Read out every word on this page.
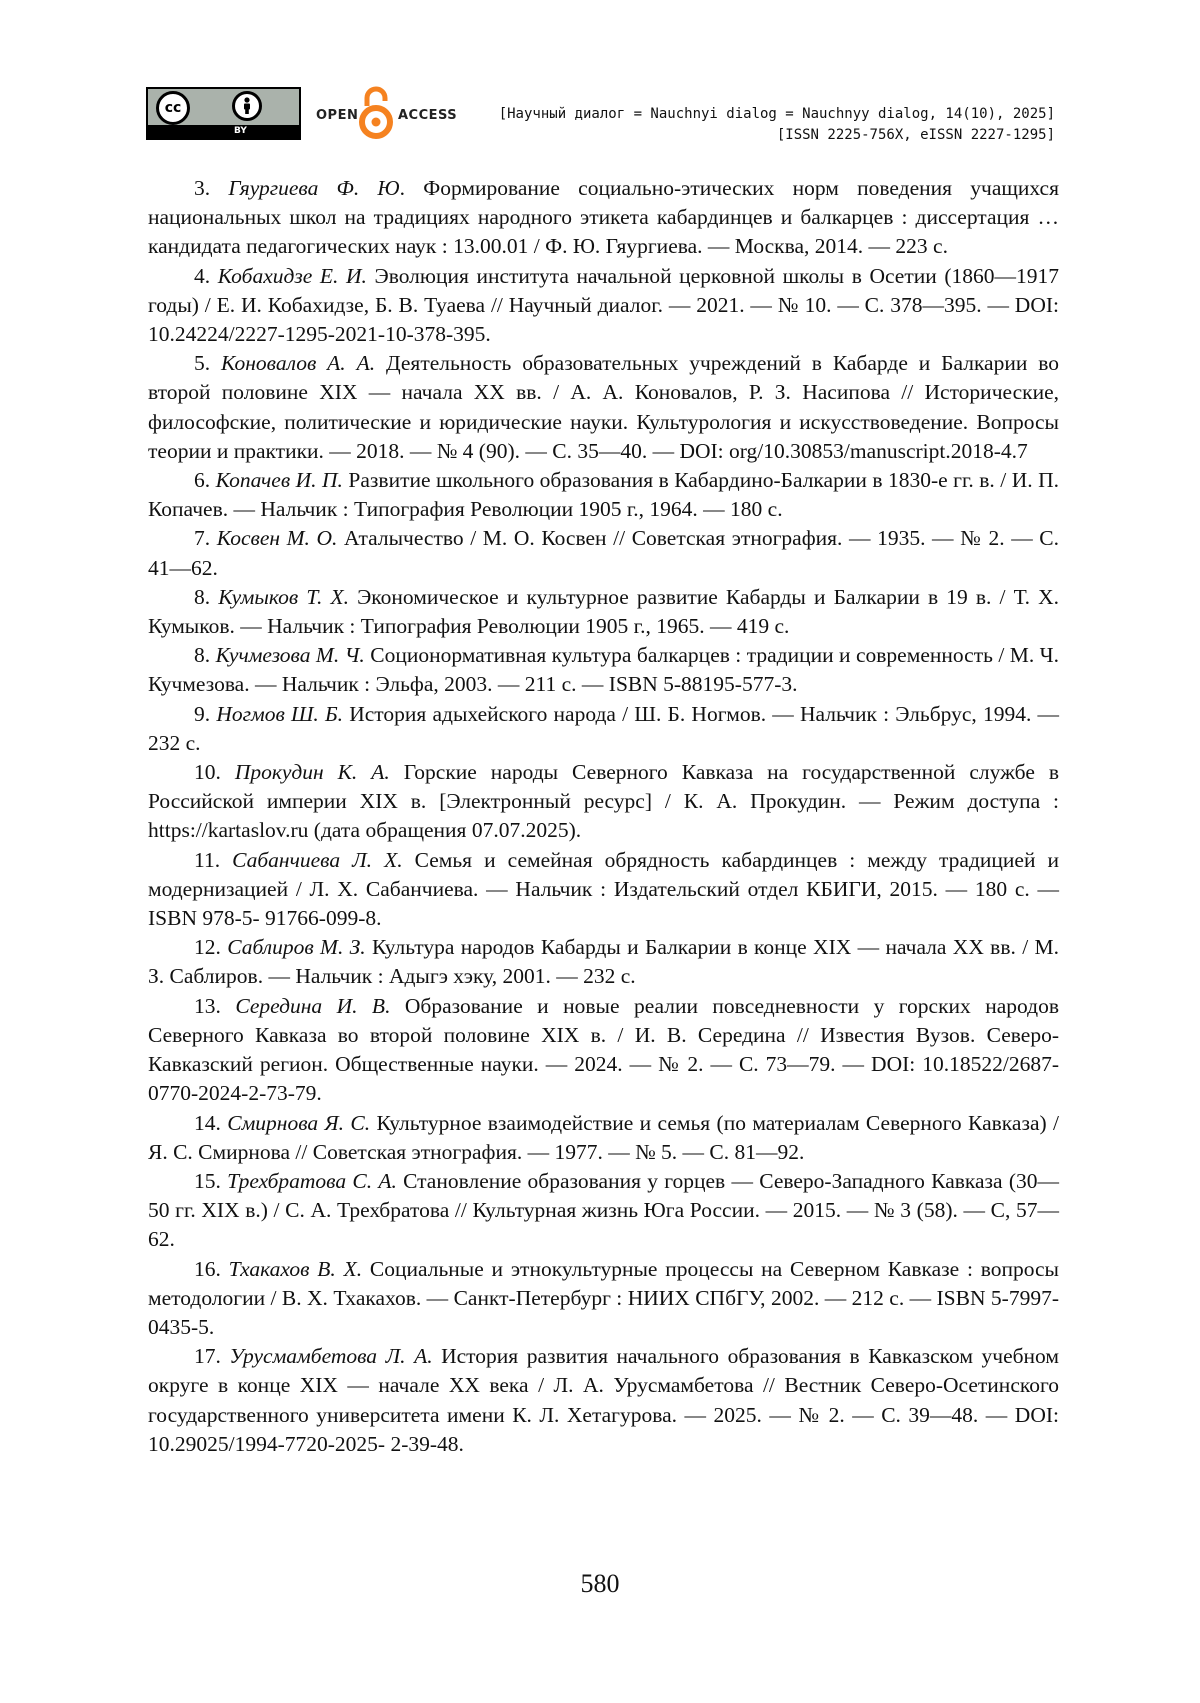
cc
BY
OPEN	ACCESS	[Научный диалог = Nauchnyi dialog = Nauchnyy dialog, 14(10), 2025]
[ISSN 2225-756X, eISSN 2227-1295]

3. Гяургиева Ф. Ю. Формирование социально-этических норм поведения учащихся национальных школ на традициях народного этикета кабардинцев и балкарцев : диссертация … кандидата педагогических наук : 13.00.01 / Ф. Ю. Гяургиева. — Москва, 2014. — 223 с.

4. Кобахидзе Е. И. Эволюция института начальной церковной школы в Осетии (1860—1917 годы) / Е. И. Кобахидзе, Б. В. Туаева // Научный диалог. — 2021. — № 10. — С. 378—395. — DOI: 10.24224/2227-1295-2021-10-378-395.

5. Коновалов А. А. Деятельность образовательных учреждений в Кабарде и Балкарии во второй половине XIX — начала XX вв. / А. А. Коновалов, Р. З. Насипова // Исторические, философские, политические и юридические науки. Культурология и искусствоведение. Вопросы теории и практики. — 2018. — № 4 (90). — С. 35—40. — DOI: org/10.30853/manuscript.2018-4.7

6. Копачев И. П. Развитие школьного образования в Кабардино-Балкарии в 1830-е гг. в. / И. П. Копачев. — Нальчик : Типография Революции 1905 г., 1964. — 180 с.

7. Косвен М. О. Аталычество / М. О. Косвен // Советская этнография. — 1935. — № 2. — С. 41—62.

8. Кумыков Т. Х. Экономическое и культурное развитие Кабарды и Балкарии в 19 в. / Т. Х. Кумыков. — Нальчик : Типография Революции 1905 г., 1965. — 419 с.

8. Кучмезова М. Ч. Соционормативная культура балкарцев : традиции и современность / М. Ч. Кучмезова. — Нальчик : Эльфа, 2003. — 211 с. — ISBN 5-88195-577-3.

9. Ногмов Ш. Б. История адыхейского народа / Ш. Б. Ногмов. — Нальчик : Эльбрус, 1994. — 232 с.

10. Прокудин К. А. Горские народы Северного Кавказа на государственной службе в Российской империи XIX в. [Электронный ресурс] / К. А. Прокудин. — Режим доступа : https://kartaslov.ru (дата обращения 07.07.2025).

11. Сабанчиева Л. Х. Семья и семейная обрядность кабардинцев : между традицией и модернизацией / Л. Х. Сабанчиева. — Нальчик : Издательский отдел КБИГИ, 2015. — 180 с. — ISBN 978-5- 91766-099-8.

12. Саблиров М. З. Культура народов Кабарды и Балкарии в конце XIX — начала XX вв. / М. З. Саблиров. — Нальчик : Адыгэ хэку, 2001. — 232 с.

13. Середина И. В. Образование и новые реалии повседневности у горских народов Северного Кавказа во второй половине XIX в. / И. В. Середина // Известия Вузов. Северо-Кавказский регион. Общественные науки. — 2024. — № 2. — С. 73—79. — DOI: 10.18522/2687-0770-2024-2-73-79.

14. Смирнова Я. С. Культурное взаимодействие и семья (по материалам Северного Кавказа) / Я. С. Смирнова // Советская этнография. — 1977. — № 5. — С. 81—92.

15. Трехбратова С. А. Становление образования у горцев — Северо-Западного Кавказа (30—50 гг. XIX в.) / С. А. Трехбратова // Культурная жизнь Юга России. — 2015. — № 3 (58). — С, 57—62.

16. Тхакахов В. Х. Социальные и этнокультурные процессы на Северном Кавказе : вопросы методологии / В. Х. Тхакахов. — Санкт-Петербург : НИИХ СПбГУ, 2002. — 212 с. — ISBN 5-7997-0435-5.

17. Урусмамбетова Л. А. История развития начального образования в Кавказском учебном округе в конце XIX — начале XX века / Л. А. Урусмамбетова // Вестник Северо-Осетинского государственного университета имени К. Л. Хетагурова. — 2025. — № 2. — С. 39—48. — DOI: 10.29025/1994-7720-2025- 2-39-48.

580
